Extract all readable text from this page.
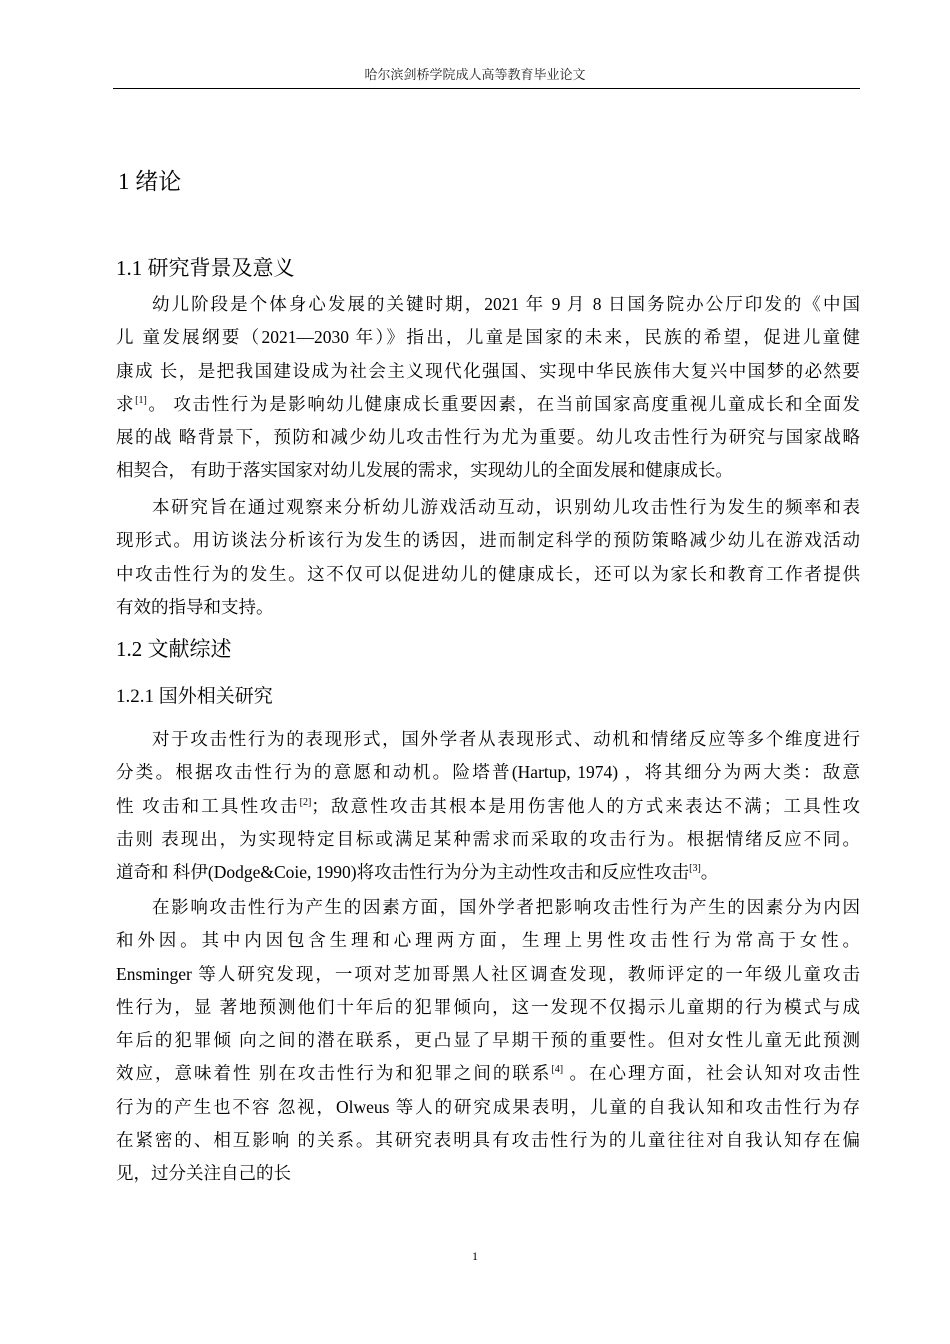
哈尔滨剑桥学院成人高等教育毕业论文
1 绪论
1.1 研究背景及意义
幼儿阶段是个体身心发展的关键时期，2021 年 9 月 8 日国务院办公厅印发的《中国
儿 童发展纲要（2021—2030 年）》指出，儿童是国家的未来，民族的希望，促进儿童健
康成 长，是把我国建设成为社会主义现代化强国、实现中华民族伟大复兴中国梦的必然要
求[1]。 攻击性行为是影响幼儿健康成长重要因素，在当前国家高度重视儿童成长和全面发
展的战 略背景下，预防和减少幼儿攻击性行为尤为重要。幼儿攻击性行为研究与国家战略
相契合， 有助于落实国家对幼儿发展的需求，实现幼儿的全面发展和健康成长。
本研究旨在通过观察来分析幼儿游戏活动互动，识别幼儿攻击性行为发生的频率和表
现形式。用访谈法分析该行为发生的诱因，进而制定科学的预防策略减少幼儿在游戏活动
中攻击性行为的发生。这不仅可以促进幼儿的健康成长，还可以为家长和教育工作者提供
有效的指导和支持。
1.2 文献综述
1.2.1 国外相关研究
对于攻击性行为的表现形式，国外学者从表现形式、动机和情绪反应等多个维度进行
分类。根据攻击性行为的意愿和动机。险塔普(Hartup, 1974) ，将其细分为两大类：敌意
性 攻击和工具性攻击[2]；敌意性攻击其根本是用伤害他人的方式来表达不满；工具性攻
击则 表现出，为实现特定目标或满足某种需求而采取的攻击行为。根据情绪反应不同。
道奇和 科伊(Dodge&Coie, 1990)将攻击性行为分为主动性攻击和反应性攻击[3]。
在影响攻击性行为产生的因素方面，国外学者把影响攻击性行为产生的因素分为内因
和外因。其中内因包含生理和心理两方面，生理上男性攻击性行为常高于女性。
Ensminger 等人研究发现，一项对芝加哥黑人社区调查发现，教师评定的一年级儿童攻击
性行为，显 著地预测他们十年后的犯罪倾向，这一发现不仅揭示儿童期的行为模式与成
年后的犯罪倾 向之间的潜在联系，更凸显了早期干预的重要性。但对女性儿童无此预测
效应，意味着性 别在攻击性行为和犯罪之间的联系[4] 。在心理方面，社会认知对攻击性
行为的产生也不容 忽视，Olweus 等人的研究成果表明，儿童的自我认知和攻击性行为存
在紧密的、相互影响 的关系。其研究表明具有攻击性行为的儿童往往对自我认知存在偏
见，过分关注自己的长
1
